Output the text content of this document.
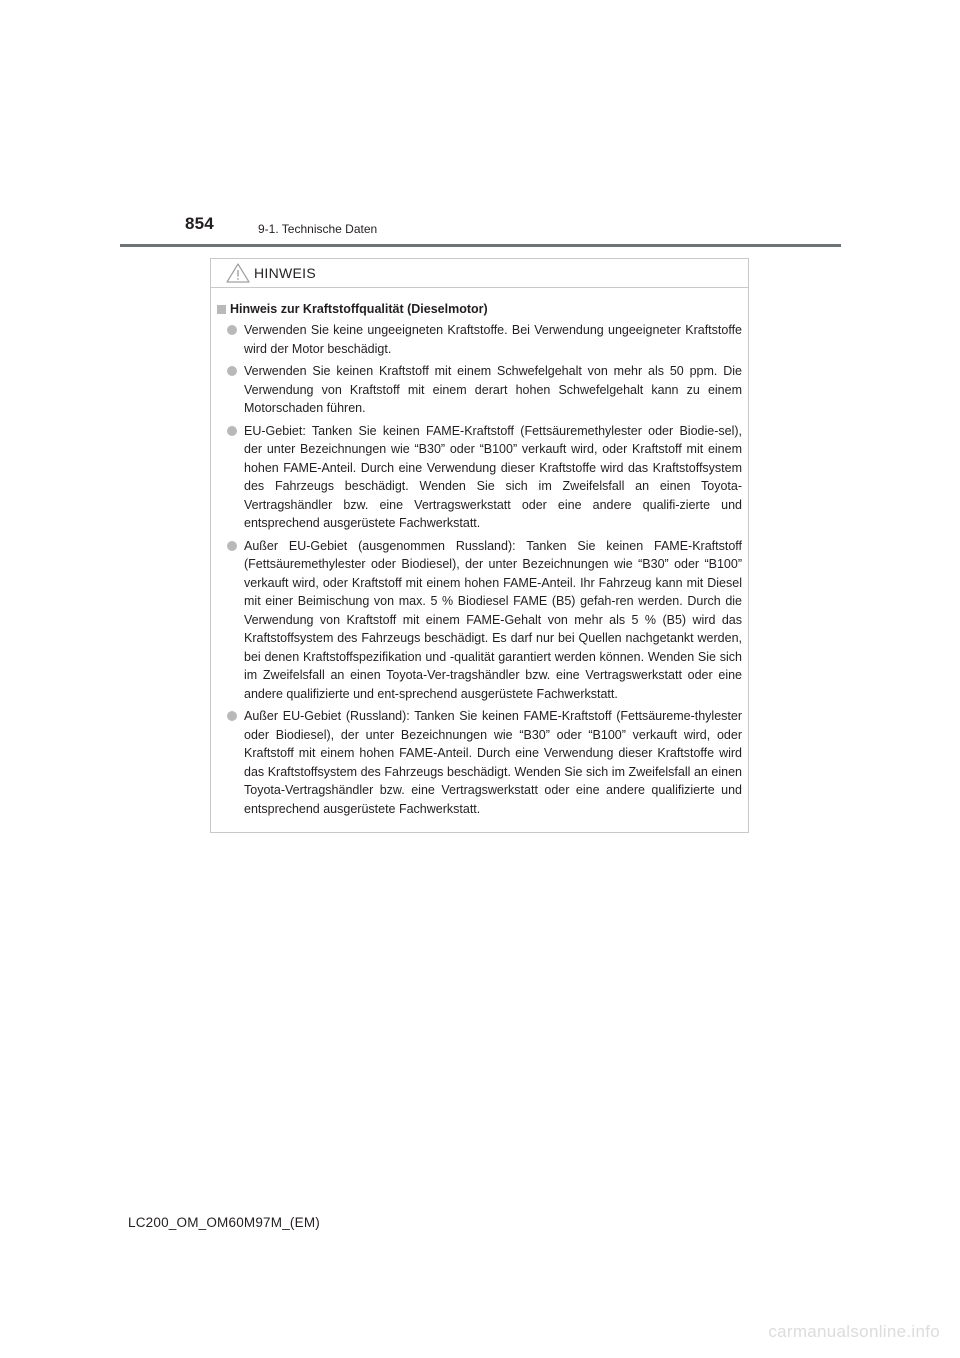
854	9-1. Technische Daten
HINWEIS
Hinweis zur Kraftstoffqualität (Dieselmotor)
Verwenden Sie keine ungeeigneten Kraftstoffe. Bei Verwendung ungeeigneter Kraftstoffe wird der Motor beschädigt.
Verwenden Sie keinen Kraftstoff mit einem Schwefelgehalt von mehr als 50 ppm. Die Verwendung von Kraftstoff mit einem derart hohen Schwefelgehalt kann zu einem Motorschaden führen.
EU-Gebiet: Tanken Sie keinen FAME-Kraftstoff (Fettsäuremethylester oder Biodie-sel), der unter Bezeichnungen wie “B30” oder “B100” verkauft wird, oder Kraftstoff mit einem hohen FAME-Anteil. Durch eine Verwendung dieser Kraftstoffe wird das Kraftstoffsystem des Fahrzeugs beschädigt. Wenden Sie sich im Zweifelsfall an einen Toyota-Vertragshändler bzw. eine Vertragswerkstatt oder eine andere qualifi-zierte und entsprechend ausgerüstete Fachwerkstatt.
Außer EU-Gebiet (ausgenommen Russland): Tanken Sie keinen FAME-Kraftstoff (Fettsäuremethylester oder Biodiesel), der unter Bezeichnungen wie “B30” oder “B100” verkauft wird, oder Kraftstoff mit einem hohen FAME-Anteil. Ihr Fahrzeug kann mit Diesel mit einer Beimischung von max. 5 % Biodiesel FAME (B5) gefah-ren werden. Durch die Verwendung von Kraftstoff mit einem FAME-Gehalt von mehr als 5 % (B5) wird das Kraftstoffsystem des Fahrzeugs beschädigt. Es darf nur bei Quellen nachgetankt werden, bei denen Kraftstoffspezifikation und -qualität garantiert werden können. Wenden Sie sich im Zweifelsfall an einen Toyota-Ver-tragshändler bzw. eine Vertragswerkstatt oder eine andere qualifizierte und ent-sprechend ausgerüstete Fachwerkstatt.
Außer EU-Gebiet (Russland): Tanken Sie keinen FAME-Kraftstoff (Fettsäureme-thylester oder Biodiesel), der unter Bezeichnungen wie “B30” oder “B100” verkauft wird, oder Kraftstoff mit einem hohen FAME-Anteil. Durch eine Verwendung dieser Kraftstoffe wird das Kraftstoffsystem des Fahrzeugs beschädigt. Wenden Sie sich im Zweifelsfall an einen Toyota-Vertragshändler bzw. eine Vertragswerkstatt oder eine andere qualifizierte und entsprechend ausgerüstete Fachwerkstatt.
LC200_OM_OM60M97M_(EM)
carmanualsonline.info
